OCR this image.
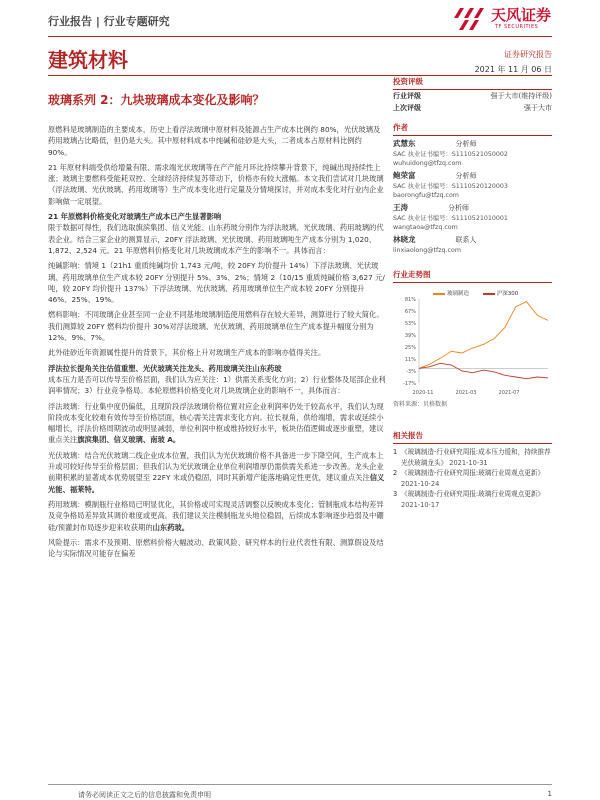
行业报告 | 行业专题研究	天风证券
TF SECURITIES
建筑材料	证券研究报告
2021 年 11 月 06 日
玻璃系列 2：九块玻璃成本变化及影响？

原燃料是玻璃制造的主要成本，历史上看浮法玻璃中原材料及能源占生产成本比例约 80%，光伏玻璃及药用玻璃占比略低，但仍是大头。其中原材料成本中纯碱和硅砂是大头，二者成本占原材料比例约 90%。

21 年原材料端受供给增量有限、需求端光伏玻璃等在产产能月环比持续攀升背景下，纯碱出现持续性上涨；玻璃主要燃料受能耗双控、全球经济持续复苏带动下，价格亦有较大涨幅。本文我们尝试对几块玻璃（浮法玻璃、光伏玻璃、药用玻璃等）生产成本变化进行定量及分情境探讨，并对成本变化对行业内企业影响做一定展望。

21 年原燃料价格变化对玻璃生产成本已产生显著影响

限于数据可得性，我们选取旗滨集团、信义光能、山东药玻分别作为浮法玻璃、光伏玻璃、药用玻璃的代表企业。结合三家企业的测算显示，20FY 浮法玻璃、光伏玻璃、药用玻璃吨生产成本分别为 1,020、1,872、2,524 元。21 年原燃料价格变化对几块玻璃成本产生的影响不一。具体而言：

纯碱影响：情境 1（21h1 重质纯碱均价 1,743 元/吨，较 20FY 均价提升 14%）下浮法玻璃、光伏玻璃、药用玻璃单位生产成本较 20FY 分别提升 5%、3%、2%；情境 2（10/15 重质纯碱价格 3,627 元/吨，较 20FY 均价提升 137%）下浮法玻璃、光伏玻璃、药用玻璃单位生产成本较 20FY 分别提升 46%、25%、19%。

燃料影响：不同玻璃企业甚至同一企业不同基地玻璃制造使用燃料存在较大差异，测算进行了较大简化。我们测算较 20FY 燃料均价提升 30%对浮法玻璃、光伏玻璃、药用玻璃单位生产成本提升幅度分别为 12%、9%、7%。

此外硅砂近年资源属性提升的背景下，其价格上升对玻璃生产成本的影响亦值得关注。

浮法拉长提角关注估值重塑、光伏玻璃关注龙头、药用玻璃关注山东药玻

成本压力是否可以传导至价格层面，我们认为应关注：1）供需关系变化方向；2）行业整体及尾部企业利润率情况；3）行业竞争格局。本轮原燃料价格变化对几块玻璃企业的影响不一，具体而言：

浮法玻璃：行业集中度仍偏低，且现阶段浮法玻璃价格位置对应企业利润率仍处于较高水平，我们认为现阶段成本变化较难有效传导至价格层面，核心需关注需求变化方向。拉长视角，供给端增，需求或延续小幅增长，浮法价格周期波动或明显减弱，单位利润中枢或维持较好水平，板块估值逻辑或逐步重塑，建议重点关注旗滨集团、信义玻璃、南玻 A。

光伏玻璃：结合光伏玻璃二线企业成本位置，我们认为光伏玻璃价格不具备进一步下降空间，生产成本上升或可较好传导至价格层面；但我们认为光伏玻璃企业单位利润增厚仍需供需关系进一步改善。龙头企业前期积累的显著成本优势展望至 22FY 末或仍稳固，同时其新增产能落地确定性更优，建议重点关注信义光能、福莱特。

药用玻璃：模制瓶行业格局已明显优化，其价格或可实现灵活调整以反映成本变化；管制瓶成本结构差异及竞争格局差异致其调价难度或更高。我们建议关注模制瓶龙头地位稳固，后续成本影响逐步趋弱及中硼硅/预灌封布局逐步迎来收获期的山东药玻。

风险提示：需求不及预期、原燃料价格大幅波动、政策风险、研究样本的行业代表性有限、测算假设及结论与实际情况可能存在偏差

投资评级
行业评级	强于大市(维持评级)
上次评级	强于大市
作者
武慧东	分析师
SAC 执业证书编号：S1110521050002
wuhuidong@tfzq.com
鲍荣富	分析师
SAC 执业证书编号：S1110520120003
baorongfu@tfzq.com
王涛	分析师
SAC 执业证书编号：S1110521010001
wangtaoa@tfzq.com
林晓龙	联系人
linxiaolong@tfzq.com
行业走势图
玻璃制造	沪深300
81%
67%
53%
39%
25%
11%
-3%
-17%
2020-11	2021-03	2021-07
资料来源：贝格数据
相关报告
1 《玻璃制造-行业研究周报:成本压力缓和，持续推荐光伏玻璃龙头》 2021-10-31
2 《玻璃制造-行业研究周报:玻璃行业周观点更新》 2021-10-24
3 《玻璃制造-行业研究周报:玻璃行业周观点更新》 2021-10-17
请务必阅读正文之后的信息披露和免责申明	1
